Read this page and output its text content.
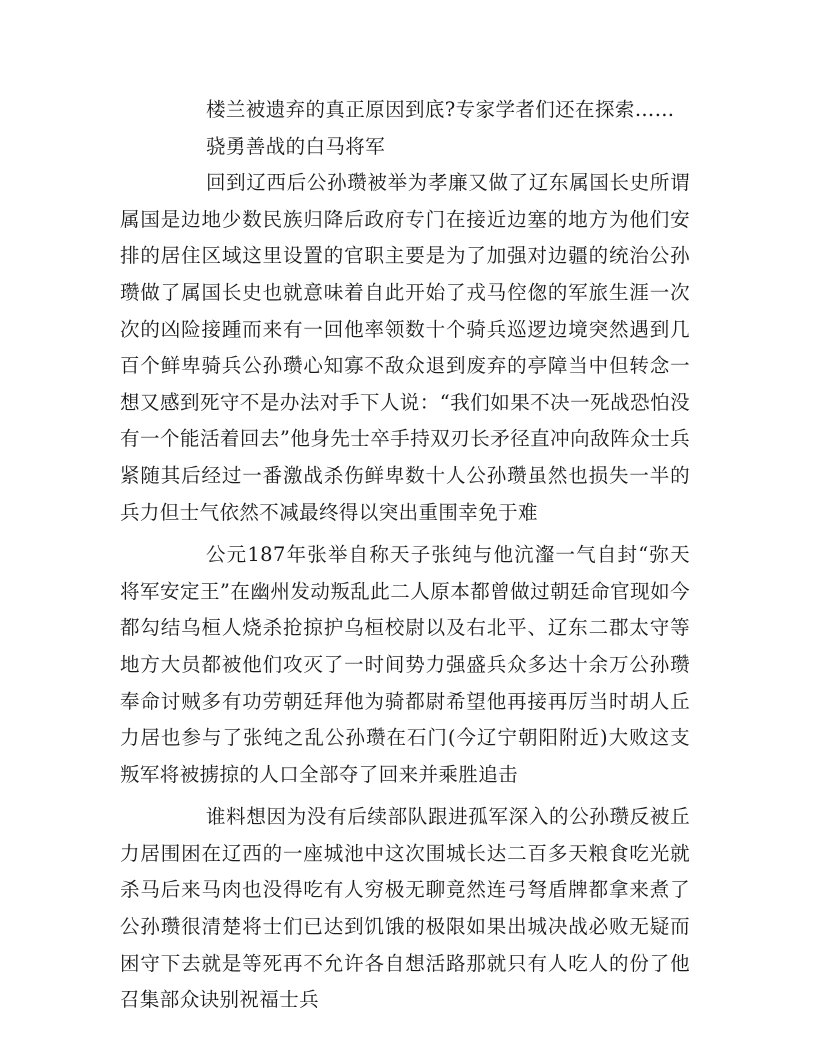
楼兰被遗弃的真正原因到底?专家学者们还在探索……

骁勇善战的白马将军

回到辽西后公孙瓒被举为孝廉又做了辽东属国长史所谓属国是边地少数民族归降后政府专门在接近边塞的地方为他们安排的居住区域这里设置的官职主要是为了加强对边疆的统治公孙瓒做了属国长史也就意味着自此开始了戎马倥偬的军旅生涯一次次的凶险接踵而来有一回他率领数十个骑兵巡逻边境突然遇到几百个鲜卑骑兵公孙瓒心知寡不敌众退到废弃的亭障当中但转念一想又感到死守不是办法对手下人说：“我们如果不决一死战恐怕没有一个能活着回去”他身先士卒手持双刃长矛径直冲向敌阵众士兵紧随其后经过一番激战杀伤鲜卑数十人公孙瓒虽然也损失一半的兵力但士气依然不减最终得以突出重围幸免于难

公元187年张举自称天子张纯与他沆瀣一气自封“弥天将军安定王”在幽州发动叛乱此二人原本都曾做过朝廷命官现如今都勾结乌桓人烧杀抢掠护乌桓校尉以及右北平、辽东二郡太守等地方大员都被他们攻灭了一时间势力强盛兵众多达十余万公孙瓒奉命讨贼多有功劳朝廷拜他为骑都尉希望他再接再厉当时胡人丘力居也参与了张纯之乱公孙瓒在石门(今辽宁朝阳附近)大败这支叛军将被掳掠的人口全部夺了回来并乘胜追击

谁料想因为没有后续部队跟进孤军深入的公孙瓒反被丘力居围困在辽西的一座城池中这次围城长达二百多天粮食吃光就杀马后来马肉也没得吃有人穷极无聊竟然连弓弩盾牌都拿来煮了公孙瓒很清楚将士们已达到饥饿的极限如果出城决战必败无疑而困守下去就是等死再不允许各自想活路那就只有人吃人的份了他召集部众诀别祝福士兵
